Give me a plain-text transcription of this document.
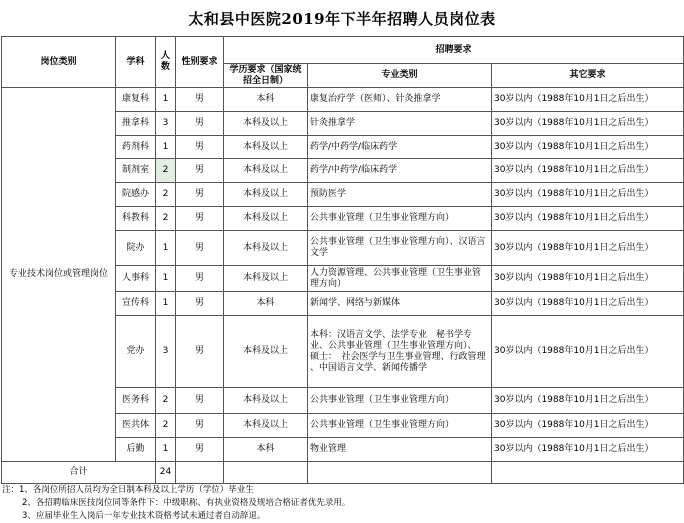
太和县中医院2019年下半年招聘人员岗位表
岗位类别	学科	人数	性别要求	招聘要求		
				学历要求（国家统招全日制）	专业类别	其它要求
专业技术岗位或管理岗位	康复科	1	男	本科	康复治疗学（医师）、针灸推拿学	30岁以内（1988年10月1日之后出生）
	推拿科	3	男	本科及以上	针灸推拿学	30岁以内（1988年10月1日之后出生）
	药剂科	1	男	本科及以上	药学/中药学/临床药学	30岁以内（1988年10月1日之后出生）
	制剂室	2	男	本科及以上	药学/中药学/临床药学	30岁以内（1988年10月1日之后出生）
	院感办	2	男	本科及以上	预防医学	30岁以内（1988年10月1日之后出生）
	科教科	2	男	本科及以上	公共事业管理（卫生事业管理方向）	30岁以内（1988年10月1日之后出生）
	院办	1	男	本科及以上	公共事业管理（卫生事业管理方向）、汉语言文学	30岁以内（1988年10月1日之后出生）
	人事科	1	男	本科及以上	人力资源管理、公共事业管理（卫生事业管理方向）	30岁以内（1988年10月1日之后出生）
	宣传科	1	男	本科	新闻学、网络与新媒体	30岁以内（1988年10月1日之后出生）
	党办	3	男	本科及以上	本科：汉语言文学、法学专业　秘书学专业、公共事业管理（卫生事业管理方向）、　　　硕士：　社会医学与卫生事业管理、行政管理 、中国语言文学、新闻传播学	30岁以内（1988年10月1日之后出生）
	医务科	2	男	本科及以上	公共事业管理（卫生事业管理方向）	30岁以内（1988年10月1日之后出生）
	医共体	2	男	本科及以上	公共事业管理（卫生事业管理方向）	30岁以内（1988年10月1日之后出生）
	后勤	1	男	本科	物业管理	30岁以内（1988年10月1日之后出生）
合计		24				
注：1、各岗位所招人员均为全日制本科及以上学历（学位）毕业生
2、各招聘临床医技岗位同等条件下：中级职称、有执业资格及规培合格证者优先录用。
3、应届毕业生入岗后一年专业技术资格考试未通过者自动辞退。
